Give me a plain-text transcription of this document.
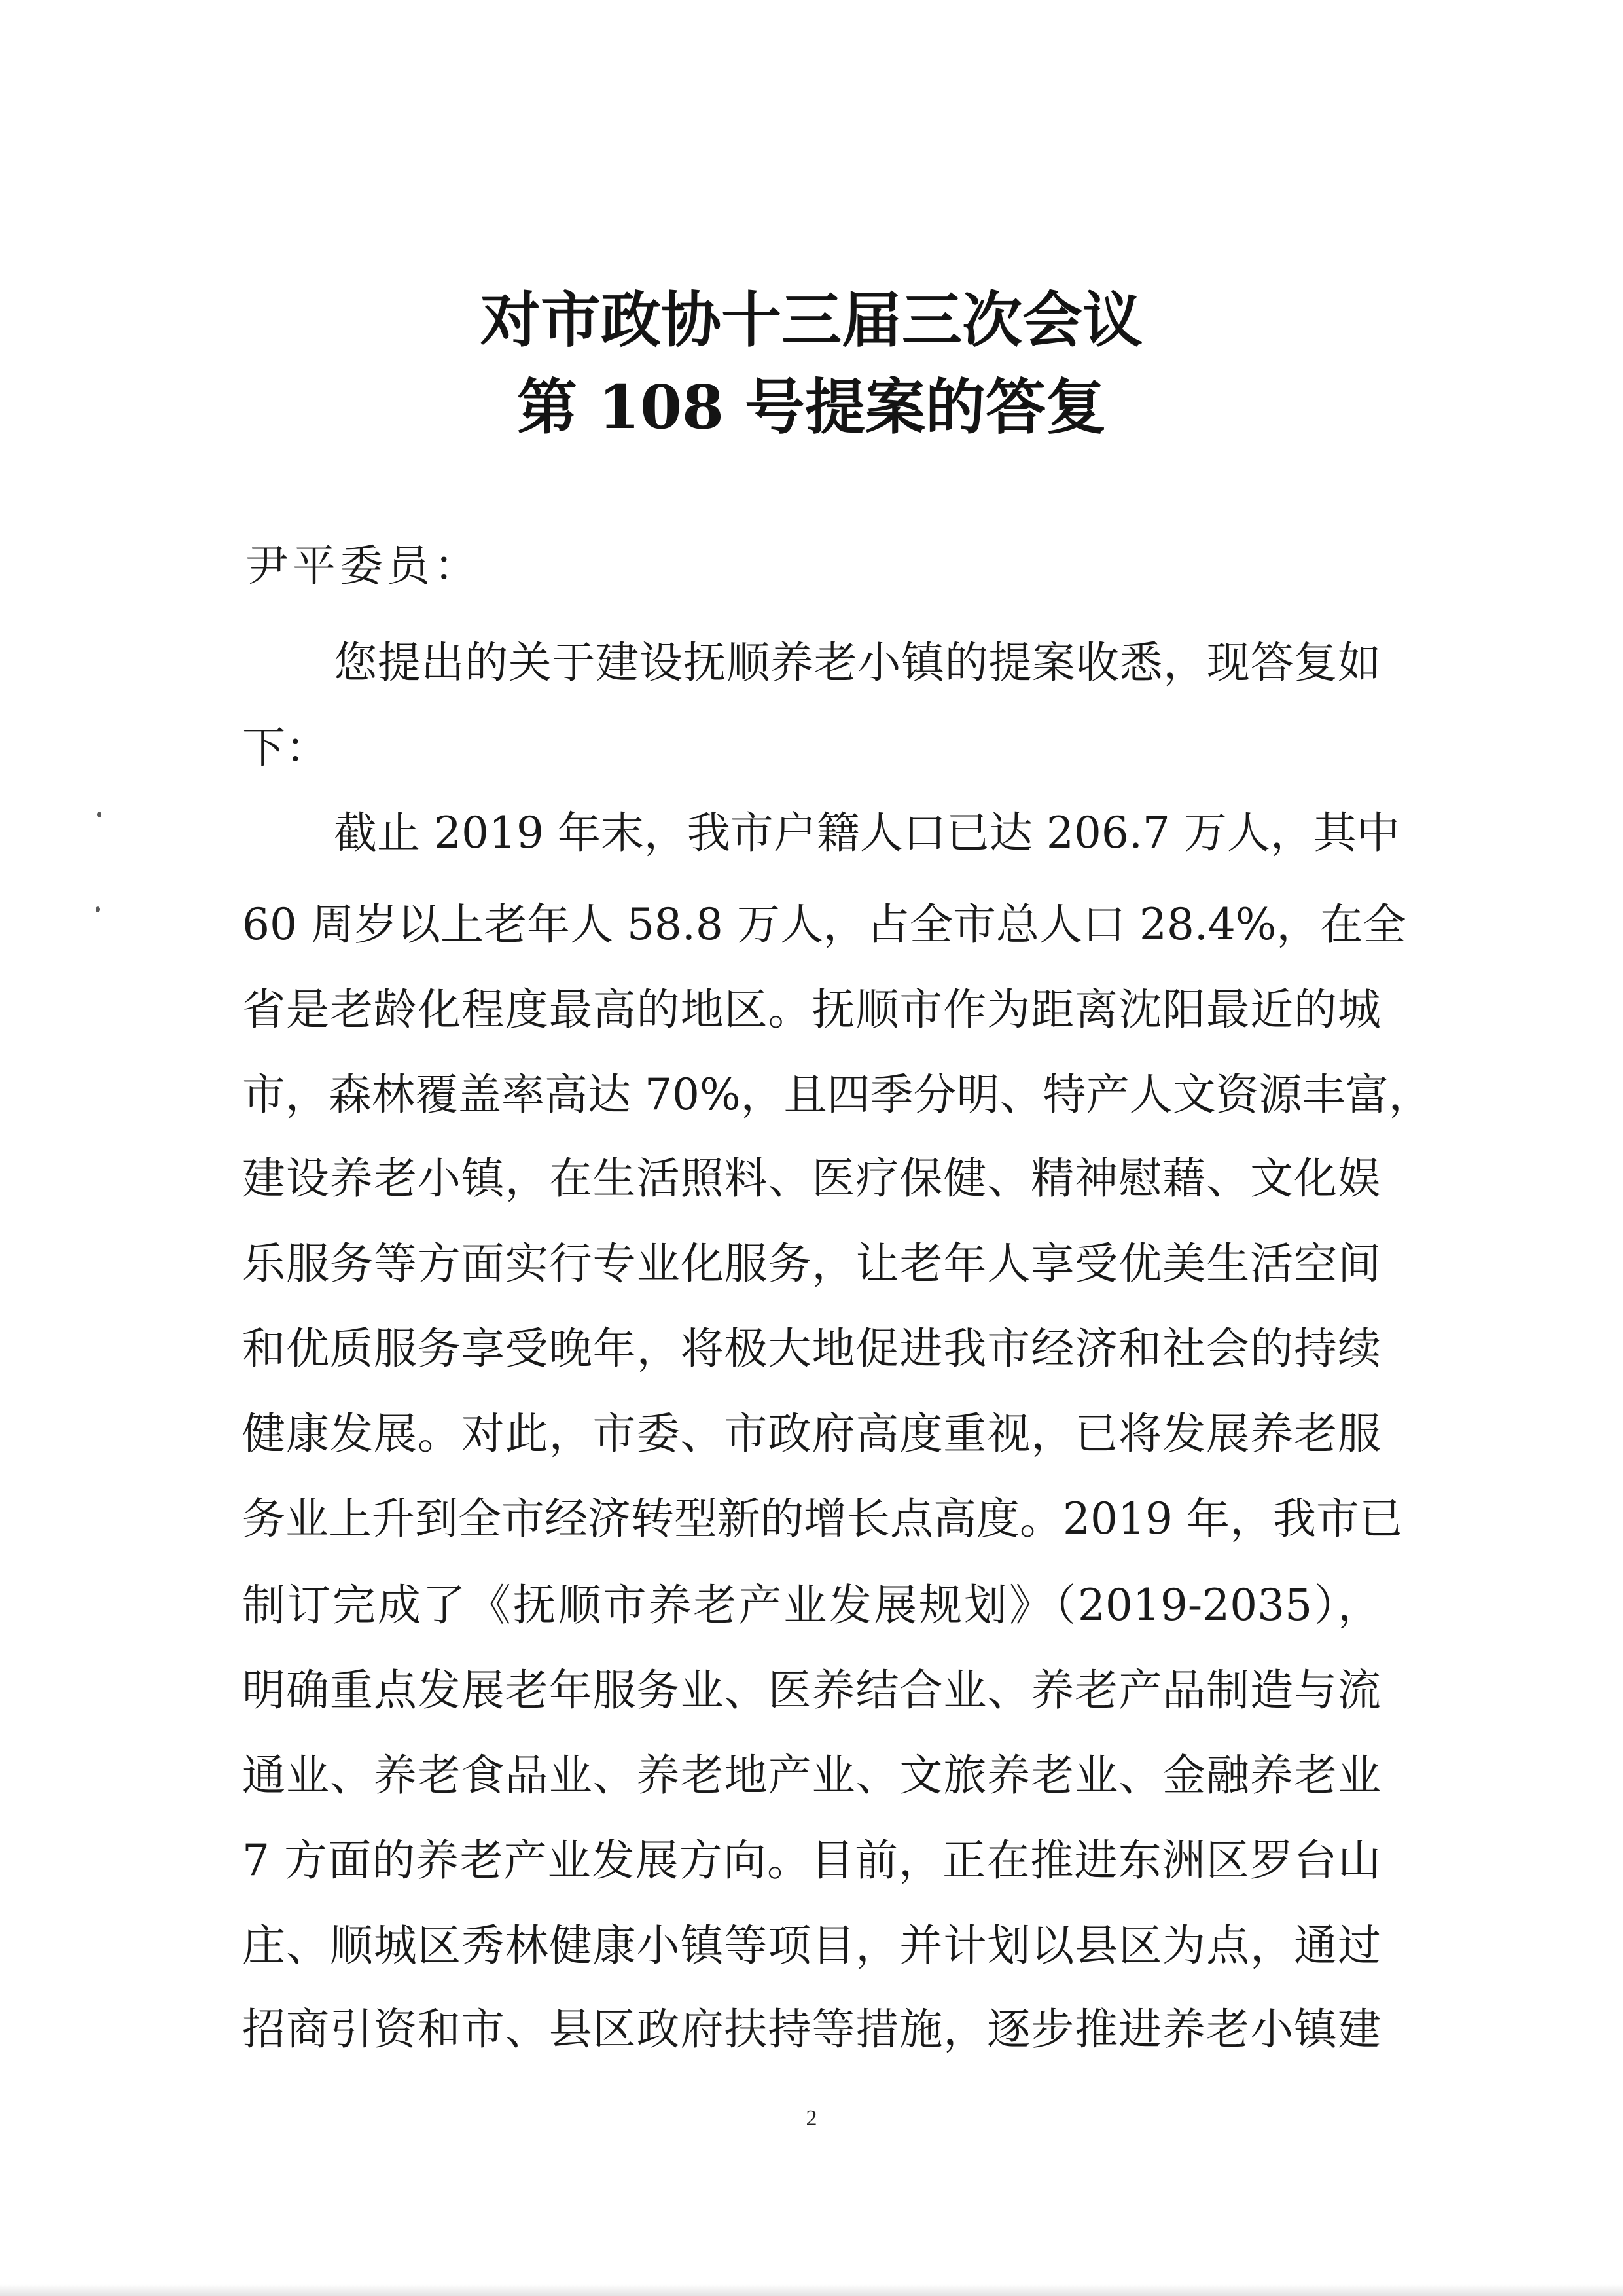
对市政协十三届三次会议
第 108 号提案的答复
尹平委员：
您提出的关于建设抚顺养老小镇的提案收悉，现答复如
下：
截止 2019 年末，我市户籍人口已达 206.7 万人，其中
60 周岁以上老年人 58.8 万人，占全市总人口 28.4%，在全
省是老龄化程度最高的地区。抚顺市作为距离沈阳最近的城
市，森林覆盖率高达 70%，且四季分明、特产人文资源丰富，
建设养老小镇，在生活照料、医疗保健、精神慰藉、文化娱
乐服务等方面实行专业化服务，让老年人享受优美生活空间
和优质服务享受晚年，将极大地促进我市经济和社会的持续
健康发展。对此，市委、市政府高度重视，已将发展养老服
务业上升到全市经济转型新的增长点高度。2019 年，我市已
制订完成了《抚顺市养老产业发展规划》（2019-2035），
明确重点发展老年服务业、医养结合业、养老产品制造与流
通业、养老食品业、养老地产业、文旅养老业、金融养老业
7 方面的养老产业发展方向。目前，正在推进东洲区罗台山
庄、顺城区秀林健康小镇等项目，并计划以县区为点，通过
招商引资和市、县区政府扶持等措施，逐步推进养老小镇建
2
